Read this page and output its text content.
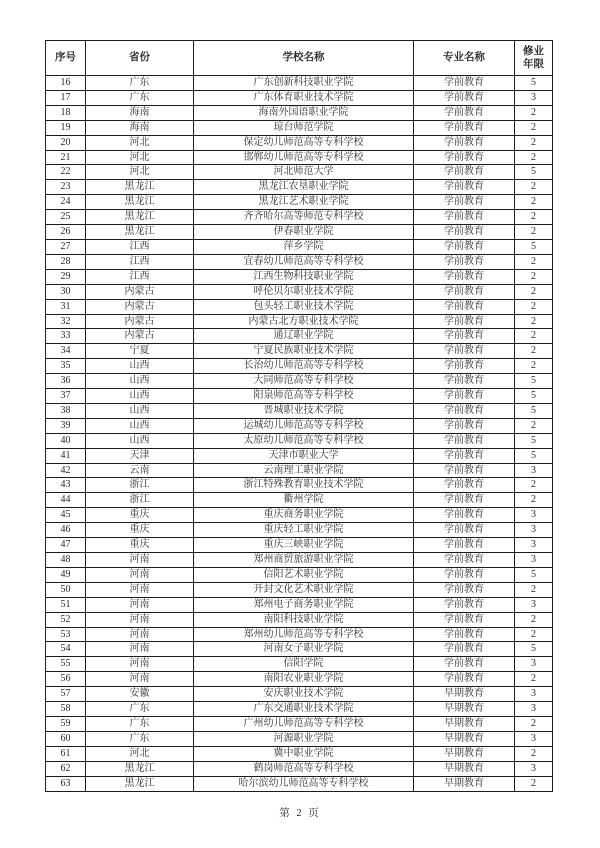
序号	省份	学校名称	专业名称	修业年限
16	广东	广东创新科技职业学院	学前教育	5
17	广东	广东体育职业技术学院	学前教育	3
18	海南	海南外国语职业学院	学前教育	2
19	海南	琼台师范学院	学前教育	2
20	河北	保定幼儿师范高等专科学校	学前教育	2
21	河北	邯郸幼儿师范高等专科学校	学前教育	2
22	河北	河北师范大学	学前教育	5
23	黑龙江	黑龙江农垦职业学院	学前教育	2
24	黑龙江	黑龙江艺术职业学院	学前教育	2
25	黑龙江	齐齐哈尔高等师范专科学校	学前教育	2
26	黑龙江	伊春职业学院	学前教育	2
27	江西	萍乡学院	学前教育	5
28	江西	宜春幼儿师范高等专科学校	学前教育	2
29	江西	江西生物科技职业学院	学前教育	2
30	内蒙古	呼伦贝尔职业技术学院	学前教育	2
31	内蒙古	包头轻工职业技术学院	学前教育	2
32	内蒙古	内蒙古北方职业技术学院	学前教育	2
33	内蒙古	通辽职业学院	学前教育	2
34	宁夏	宁夏民族职业技术学院	学前教育	2
35	山西	长治幼儿师范高等专科学校	学前教育	2
36	山西	大同师范高等专科学校	学前教育	5
37	山西	阳泉师范高等专科学校	学前教育	5
38	山西	晋城职业技术学院	学前教育	5
39	山西	运城幼儿师范高等专科学校	学前教育	2
40	山西	太原幼儿师范高等专科学校	学前教育	5
41	天津	天津市职业大学	学前教育	5
42	云南	云南理工职业学院	学前教育	3
43	浙江	浙江特殊教育职业技术学院	学前教育	2
44	浙江	衢州学院	学前教育	2
45	重庆	重庆商务职业学院	学前教育	3
46	重庆	重庆轻工职业学院	学前教育	3
47	重庆	重庆三峡职业学院	学前教育	3
48	河南	郑州商贸旅游职业学院	学前教育	3
49	河南	信阳艺术职业学院	学前教育	5
50	河南	开封文化艺术职业学院	学前教育	2
51	河南	郑州电子商务职业学院	学前教育	3
52	河南	南阳科技职业学院	学前教育	2
53	河南	郑州幼儿师范高等专科学校	学前教育	2
54	河南	河南女子职业学院	学前教育	5
55	河南	信阳学院	学前教育	3
56	河南	南阳农业职业学院	学前教育	2
57	安徽	安庆职业技术学院	早期教育	3
58	广东	广东交通职业技术学院	早期教育	3
59	广东	广州幼儿师范高等专科学校	早期教育	2
60	广东	河源职业学院	早期教育	3
61	河北	冀中职业学院	早期教育	2
62	黑龙江	鹤岗师范高等专科学校	早期教育	3
63	黑龙江	哈尔滨幼儿师范高等专科学校	早期教育	2
第 2 页
